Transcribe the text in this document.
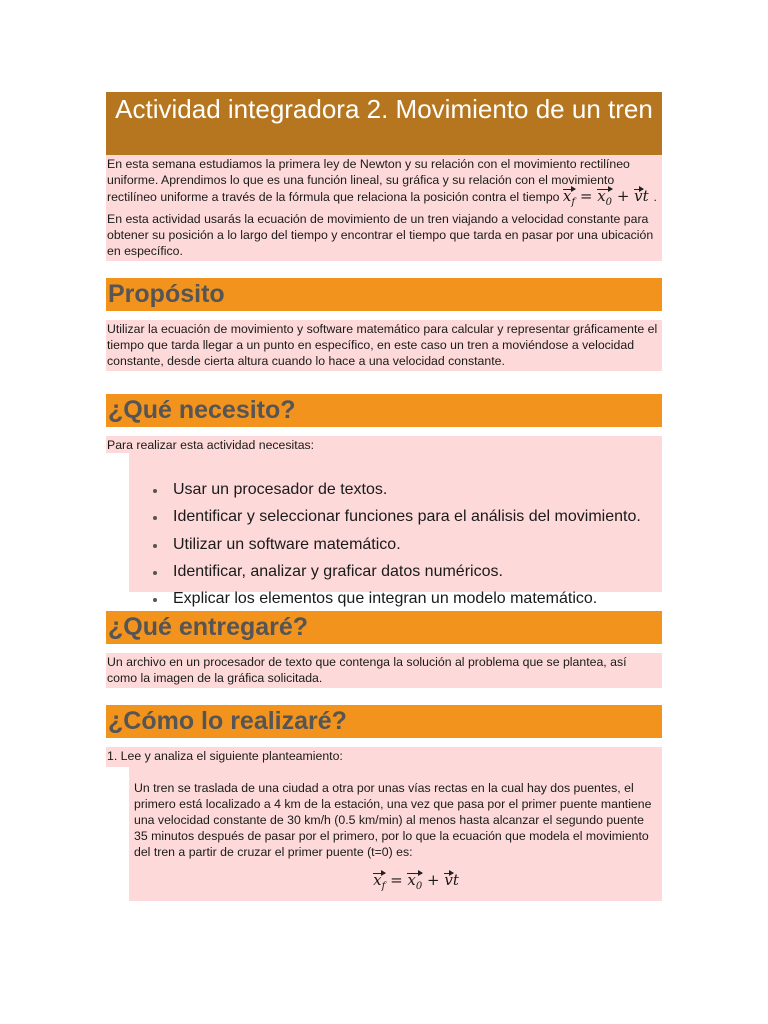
Actividad integradora 2. Movimiento de un tren
En esta semana estudiamos la primera ley de Newton y su relación con el movimiento rectilíneo uniforme. Aprendimos lo que es una función lineal, su gráfica y su relación con el movimiento rectilíneo uniforme a través de la fórmula que relaciona la posición contra el tiempo $x_f = x_0$ + vt . En esta actividad usarás la ecuación de movimiento de un tren viajando a velocidad constante para obtener su posición a lo largo del tiempo y encontrar el tiempo que tarda en pasar por una ubicación en específico.
Propósito
Utilizar la ecuación de movimiento y software matemático para calcular y representar gráficamente el tiempo que tarda llegar a un punto en específico, en este caso un tren a moviéndose a velocidad constante, desde cierta altura cuando lo hace a una velocidad constante.
¿Qué necesito?
Para realizar esta actividad necesitas:
Usar un procesador de textos.
Identificar y seleccionar funciones para el análisis del movimiento.
Utilizar un software matemático.
Identificar, analizar y graficar datos numéricos.
Explicar los elementos que integran un modelo matemático.
¿Qué entregaré?
Un archivo en un procesador de texto que contenga la solución al problema que se plantea, así como la imagen de la gráfica solicitada.
¿Cómo lo realizaré?
1. Lee y analiza el siguiente planteamiento:
Un tren se traslada de una ciudad a otra por unas vías rectas en la cual hay dos puentes, el primero está localizado a 4 km de la estación, una vez que pasa por el primer puente mantiene una velocidad constante de 30 km/h (0.5 km/min) al menos hasta alcanzar el segundo puente 35 minutos después de pasar por el primero, por lo que la ecuación que modela el movimiento del tren a partir de cruzar el primer puente (t=0) es:
$x_f = x_0$ + vt
